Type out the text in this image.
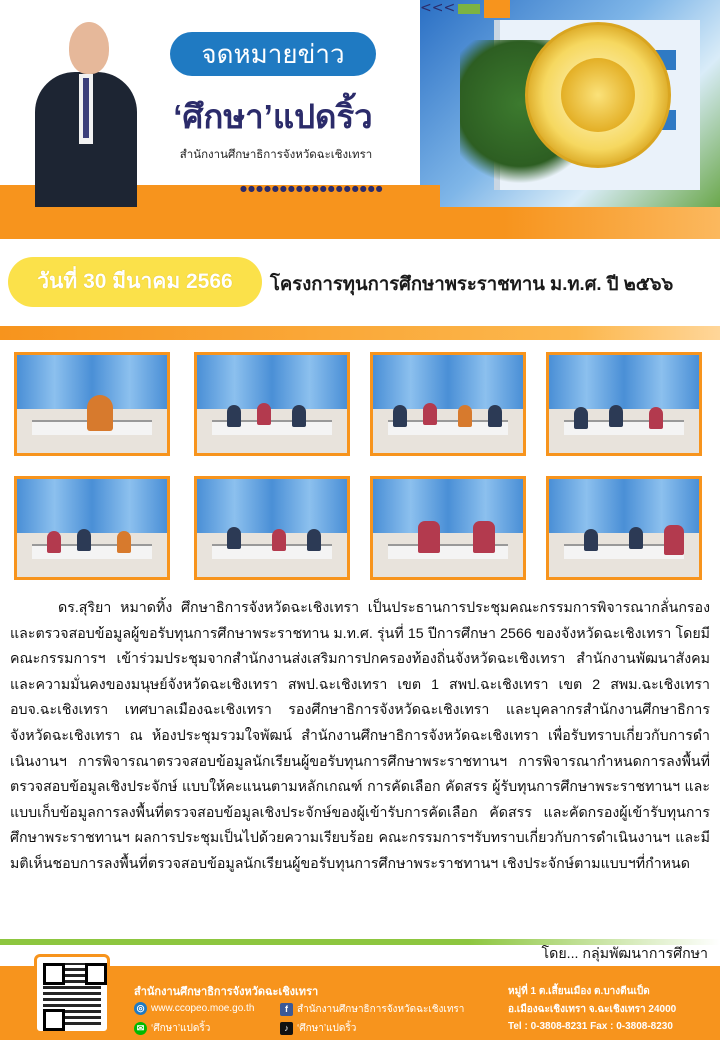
จดหมายข่าว
‘ศึกษา’แปดริ้ว
สำนักงานศึกษาธิการจังหวัดฉะเชิงเทรา
●●●●●●●●●●●●●●●●●●
<<<
วันที่ 30 มีนาคม 2566	โครงการทุนการศึกษาพระราชทาน ม.ท.ศ. ปี ๒๕๖๖

ดร.สุริยา หมาดทิ้ง ศึกษาธิการจังหวัดฉะเชิงเทรา เป็นประธานการประชุมคณะกรรมการพิจารณากลั่นกรองและตรวจสอบข้อมูลผู้ขอรับทุนการศึกษาพระราชทาน ม.ท.ศ. รุ่นที่ 15 ปีการศึกษา 2566 ของจังหวัดฉะเชิงเทรา โดยมีคณะกรรมการฯ เข้าร่วมประชุมจากสำนักงานส่งเสริมการปกครองท้องถิ่นจังหวัดฉะเชิงเทรา สำนักงานพัฒนาสังคมและความมั่นคงของมนุษย์จังหวัดฉะเชิงเทรา สพป.ฉะเชิงเทรา เขต 1 สพป.ฉะเชิงเทรา เขต 2 สพม.ฉะเชิงเทรา อบจ.ฉะเชิงเทรา เทศบาลเมืองฉะเชิงเทรา รองศึกษาธิการจังหวัดฉะเชิงเทรา และบุคลากรสำนักงานศึกษาธิการจังหวัดฉะเชิงเทรา ณ ห้องประชุมรวมใจพัฒน์ สำนักงานศึกษาธิการจังหวัดฉะเชิงเทรา เพื่อรับทราบเกี่ยวกับการดำเนินงานฯ การพิจารณาตรวจสอบข้อมูลนักเรียนผู้ขอรับทุนการศึกษาพระราชทานฯ การพิจารณากำหนดการลงพื้นที่ตรวจสอบข้อมูลเชิงประจักษ์ แบบให้คะแนนตามหลักเกณฑ์ การคัดเลือก คัดสรร ผู้รับทุนการศึกษาพระราชทานฯ และแบบเก็บข้อมูลการลงพื้นที่ตรวจสอบข้อมูลเชิงประจักษ์ของผู้เข้ารับการคัดเลือก คัดสรร และคัดกรองผู้เข้ารับทุนการศึกษาพระราชทานฯ ผลการประชุมเป็นไปด้วยความเรียบร้อย คณะกรรมการฯรับทราบเกี่ยวกับการดำเนินงานฯ และมีมติเห็นชอบการลงพื้นที่ตรวจสอบข้อมูลนักเรียนผู้ขอรับทุนการศึกษาพระราชทานฯ เชิงประจักษ์ตามแบบฯที่กำหนด

โดย... กลุ่มพัฒนาการศึกษา
สำนักงานศึกษาธิการจังหวัดฉะเชิงเทรา
◎ www.ccopeo.moe.go.th	f สำนักงานศึกษาธิการจังหวัดฉะเชิงเทรา
✉ ‘ศึกษา’แปดริ้ว	♪ ‘ศึกษา’แปดริ้ว
หมู่ที่ 1 ต.เสี้ยนเมือง ต.บางตีนเป็ด
อ.เมืองฉะเชิงเทรา จ.ฉะเชิงเทรา 24000
Tel : 0-3808-8231 Fax : 0-3808-8230
